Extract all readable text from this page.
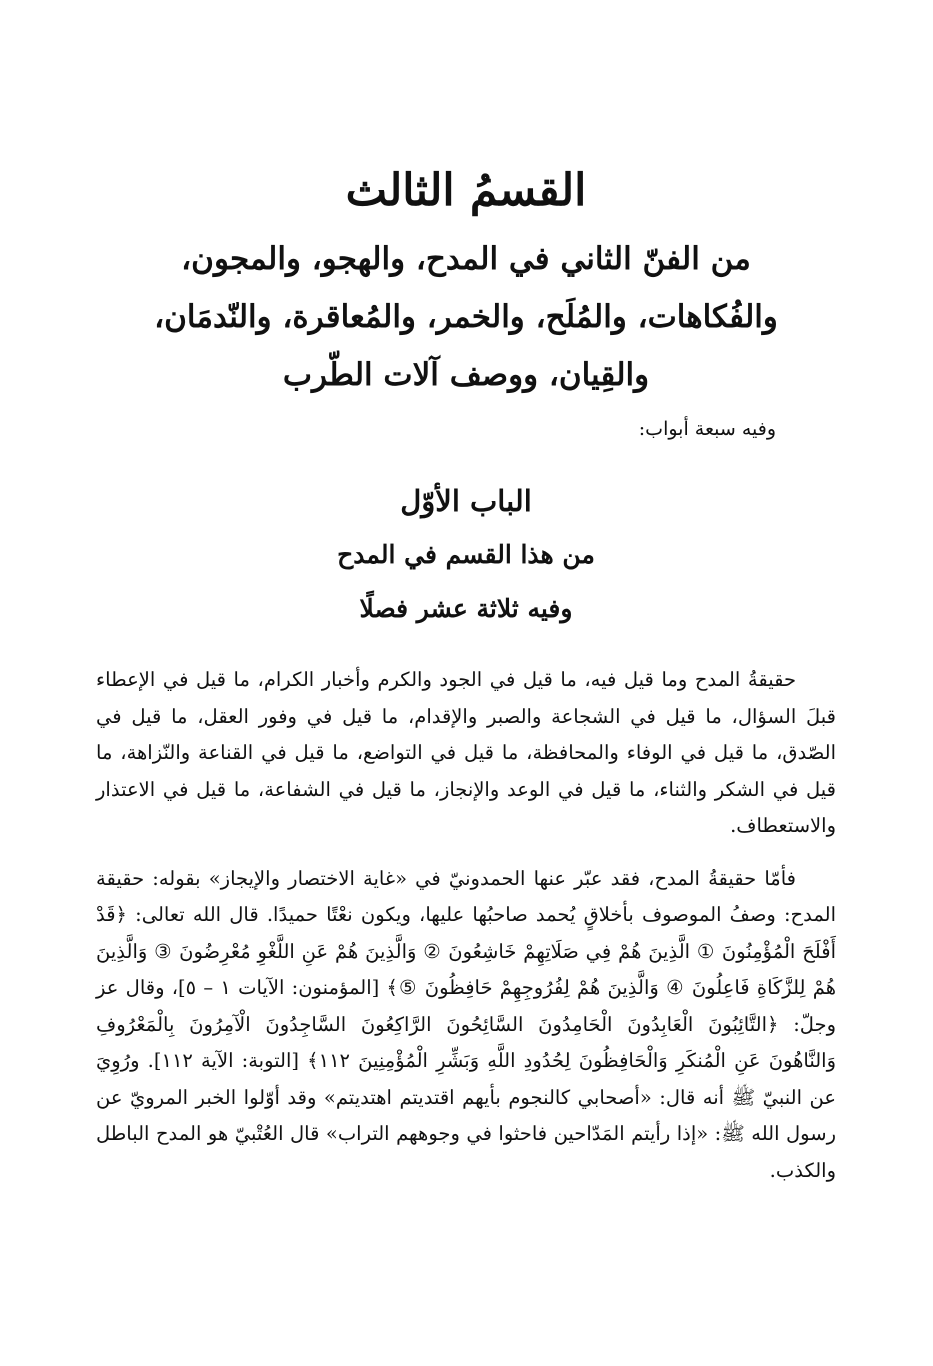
القسمُ الثالث
من الفنّ الثاني في المدح، والهجو، والمجون،
والفُكاهات، والمُلَح، والخمر، والمُعاقرة، والنّدمَان،
والقِيان، ووصف آلات الطّرب

وفيه سبعة أبواب:

الباب الأوّل
من هذا القسم في المدح
وفيه ثلاثة عشر فصلًا

حقيقةُ المدح وما قيل فيه، ما قيل في الجود والكرم وأخبار الكرام، ما قيل في الإعطاء قبلَ السؤال، ما قيل في الشجاعة والصبر والإقدام، ما قيل في وفور العقل، ما قيل في الصّدق، ما قيل في الوفاء والمحافظة، ما قيل في التواضع، ما قيل في القناعة والنّزاهة، ما قيل في الشكر والثناء، ما قيل في الوعد والإنجاز، ما قيل في الشفاعة، ما قيل في الاعتذار والاستعطاف.

فأمّا حقيقةُ المدح، فقد عبّر عنها الحمدونيّ في «غاية الاختصار والإيجاز» بقوله: حقيقة المدح: وصفُ الموصوف بأخلاقٍ يُحمد صاحبُها عليها، ويكون نعْتًا حميدًا. قال الله تعالى: ﴿قَدْ أَفْلَحَ الْمُؤْمِنُونَ ① الَّذِينَ هُمْ فِي صَلَاتِهِمْ خَاشِعُونَ ② وَالَّذِينَ هُمْ عَنِ اللَّغْوِ مُعْرِضُونَ ③ وَالَّذِينَ هُمْ لِلزَّكَاةِ فَاعِلُونَ ④ وَالَّذِينَ هُمْ لِفُرُوجِهِمْ حَافِظُونَ ⑤﴾ [المؤمنون: الآيات ١ – ٥]، وقال عز وجلّ: ﴿التَّائِبُونَ الْعَابِدُونَ الْحَامِدُونَ السَّائِحُونَ الرَّاكِعُونَ السَّاجِدُونَ الْآمِرُونَ بِالْمَعْرُوفِ وَالنَّاهُونَ عَنِ الْمُنكَرِ وَالْحَافِظُونَ لِحُدُودِ اللَّهِ وَبَشِّرِ الْمُؤْمِنِينَ ١١٢﴾ [التوبة: الآية ١١٢]. ورُوِيَ عن النبيّ ﷺ أنه قال: «أصحابي كالنجوم بأيهم اقتديتم اهتديتم» وقد أوّلوا الخبر المرويّ عن رسول الله ﷺ: «إذا رأيتم المَدّاحين فاحثوا في وجوههم التراب» قال العُتْبيّ هو المدح الباطل والكذب.
